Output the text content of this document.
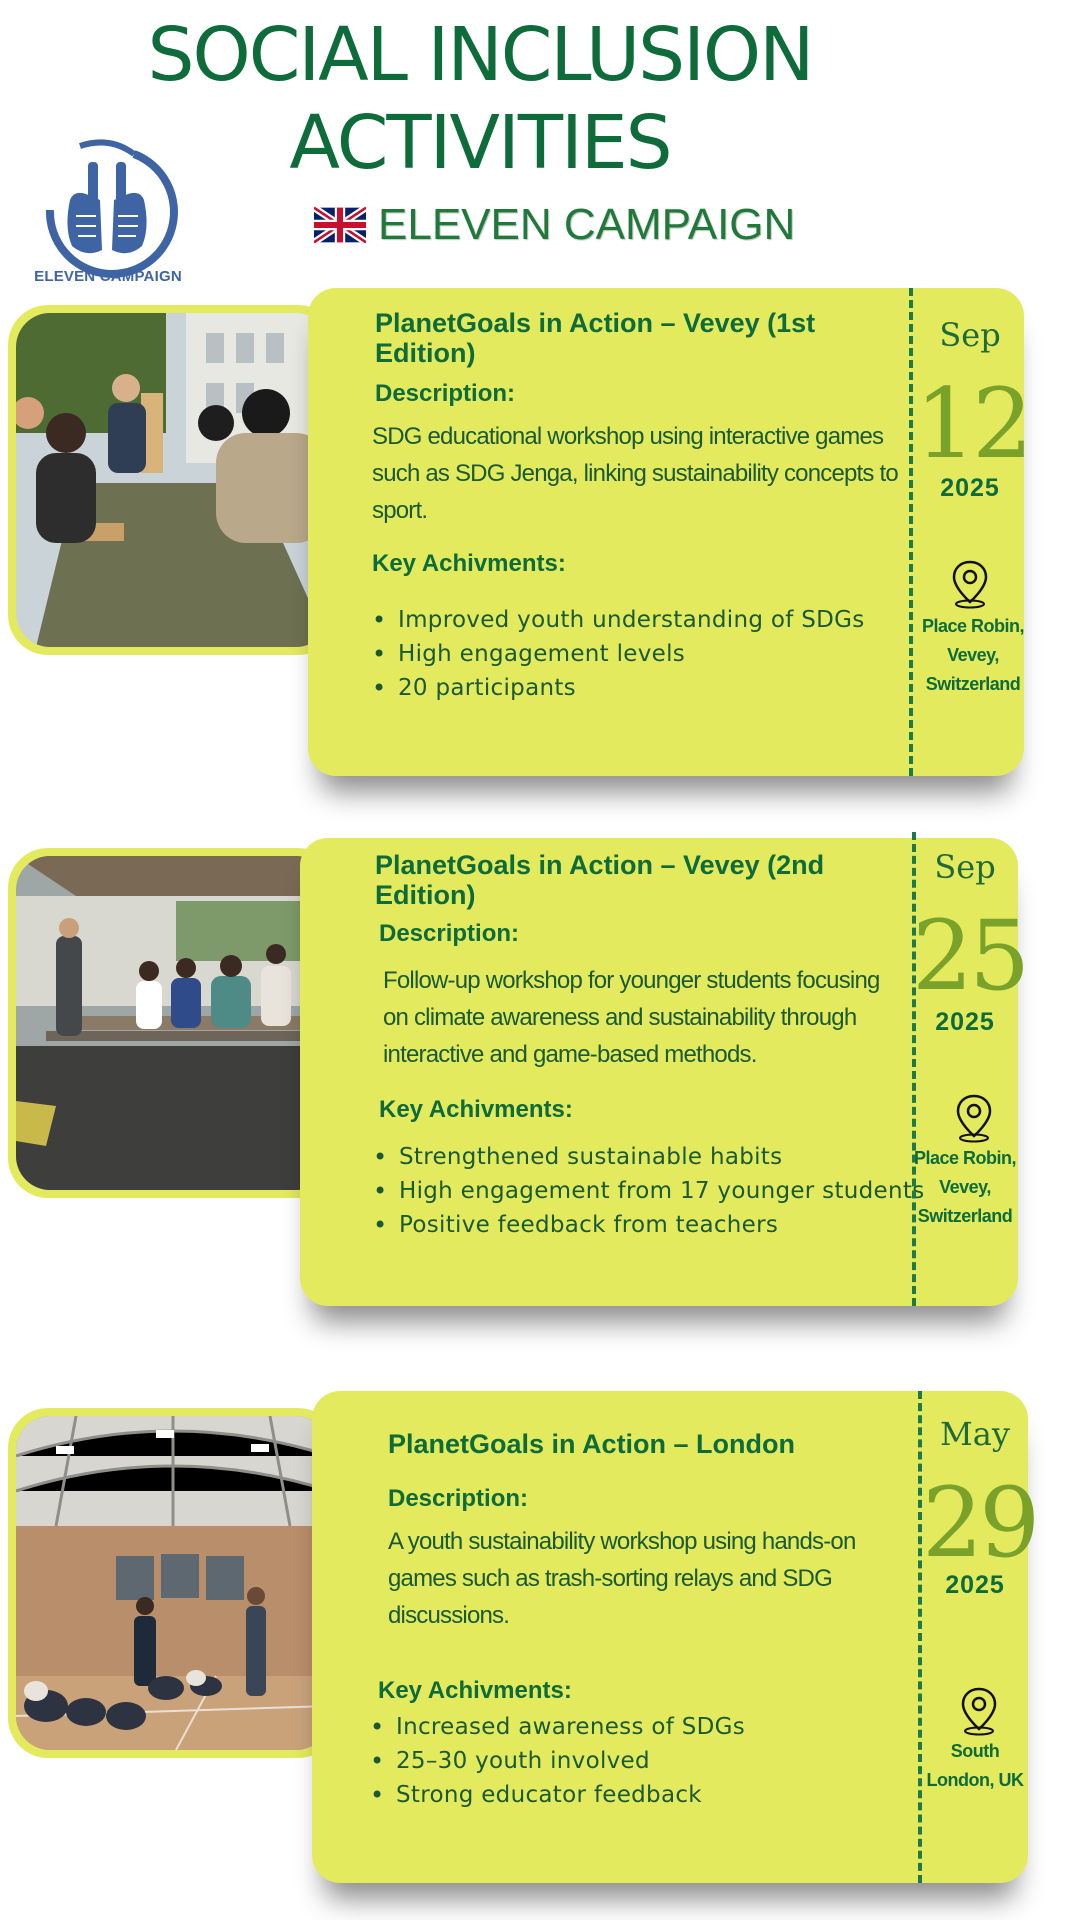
SOCIAL INCLUSION
ACTIVITIES
ELEVEN CAMPAIGN
ELEVEN CAMPAIGN
PlanetGoals in Action – Vevey (1st Edition)
Description:
SDG educational workshop using interactive games such as SDG Jenga, linking sustainability concepts to sport.
Key Achivments:
• Improved youth understanding of SDGs
• High engagement levels
• 20 participants
Sep
12
2025
Place Robin,
Vevey,
Switzerland
PlanetGoals in Action – Vevey (2nd Edition)
Description:
Follow-up workshop for younger students focusing on climate awareness and sustainability through interactive and game-based methods.
Key Achivments:
• Strengthened sustainable habits
• High engagement from 17 younger students
• Positive feedback from teachers
Sep
25
2025
Place Robin,
Vevey,
Switzerland
PlanetGoals in Action – London
Description:
A youth sustainability workshop using hands-on games such as trash-sorting relays and SDG discussions.
Key Achivments:
• Increased awareness of SDGs
• 25–30 youth involved
• Strong educator feedback
May
29
2025
South
London, UK
